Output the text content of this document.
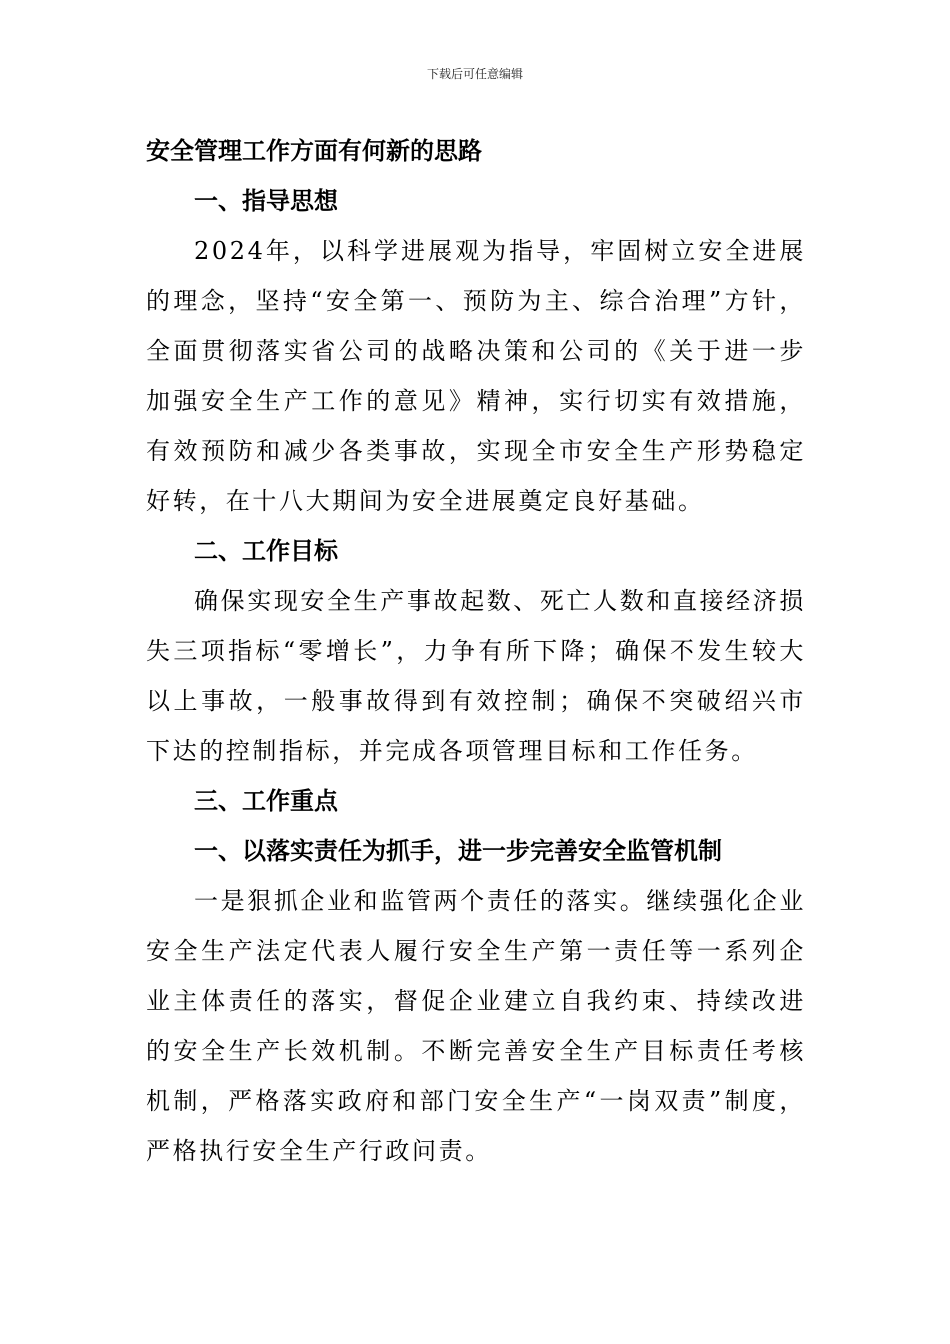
下载后可任意编辑
安全管理工作方面有何新的思路
一、指导思想

2024年，以科学进展观为指导，牢固树立安全进展的理念，坚持“安全第一、预防为主、综合治理”方针，全面贯彻落实省公司的战略决策和公司的《关于进一步加强安全生产工作的意见》精神，实行切实有效措施，有效预防和减少各类事故，实现全市安全生产形势稳定好转，在十八大期间为安全进展奠定良好基础。

二、工作目标

确保实现安全生产事故起数、死亡人数和直接经济损失三项指标“零增长”，力争有所下降；确保不发生较大以上事故，一般事故得到有效控制；确保不突破绍兴市下达的控制指标，并完成各项管理目标和工作任务。

三、工作重点
一、以落实责任为抓手，进一步完善安全监管机制

一是狠抓企业和监管两个责任的落实。继续强化企业安全生产法定代表人履行安全生产第一责任等一系列企业主体责任的落实，督促企业建立自我约束、持续改进的安全生产长效机制。不断完善安全生产目标责任考核机制，严格落实政府和部门安全生产“一岗双责”制度，严格执行安全生产行政问责。
